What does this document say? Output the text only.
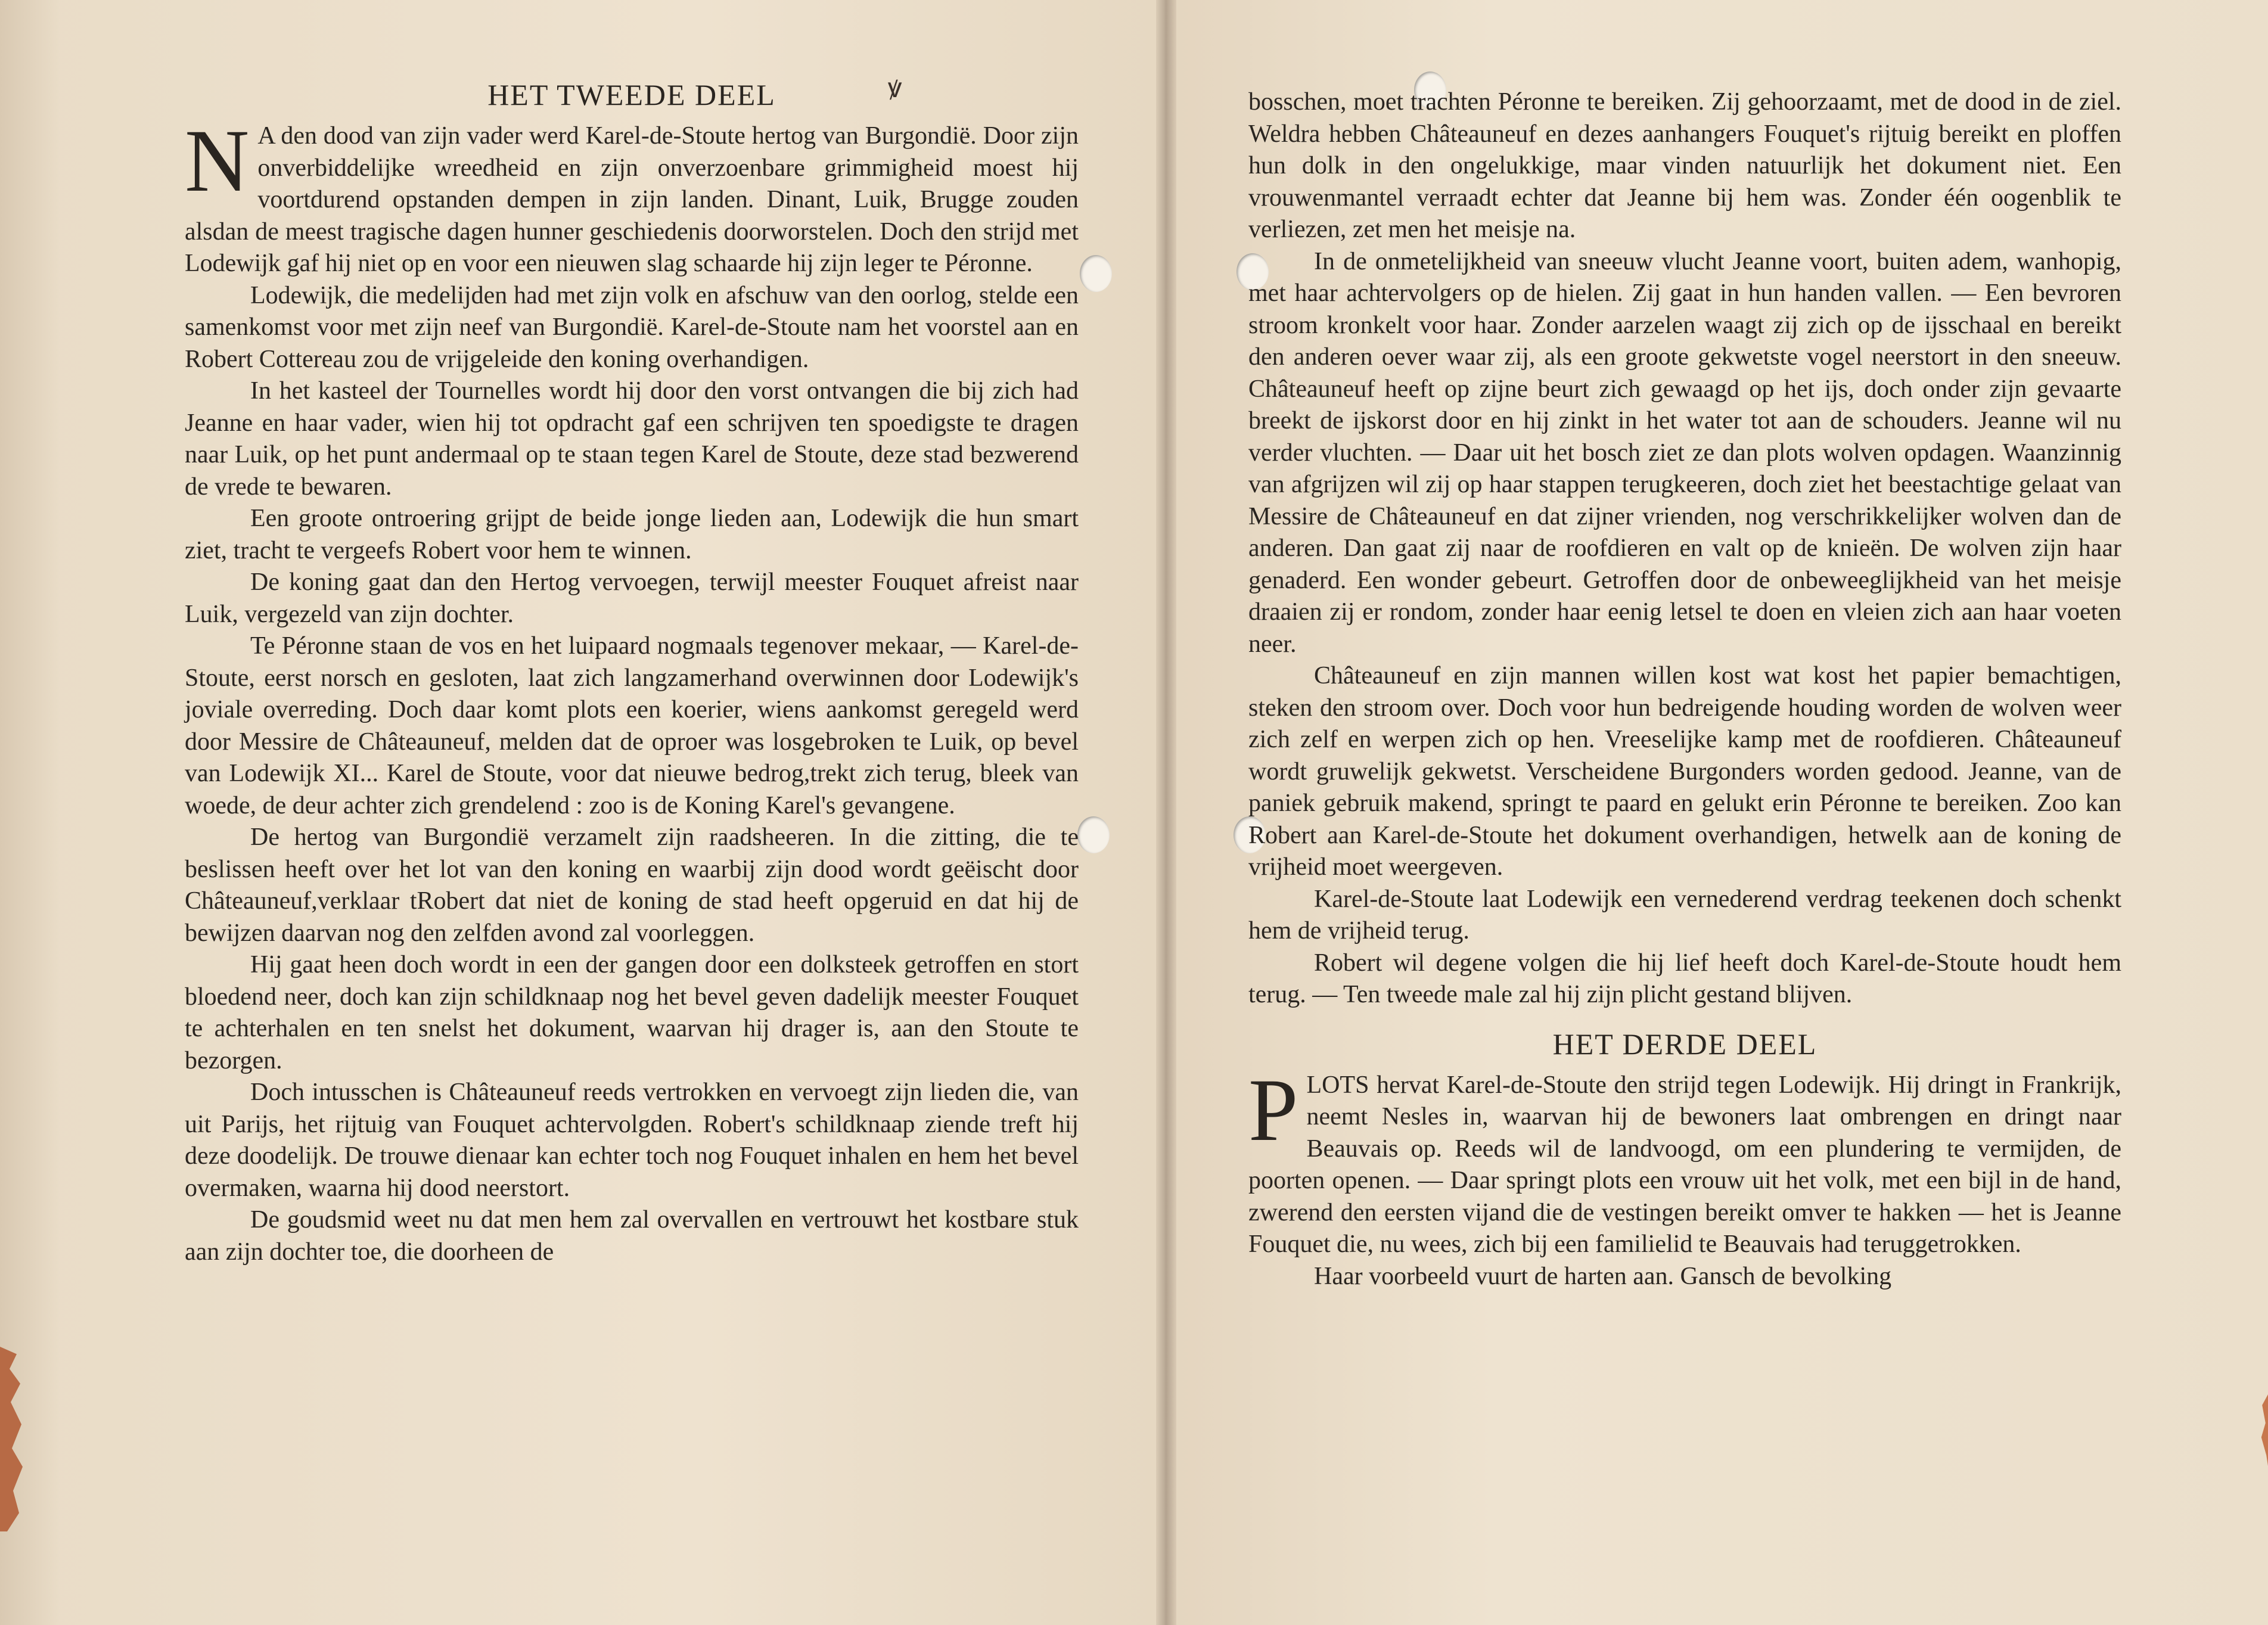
ꝟ
HET TWEEDE DEEL

N A den dood van zijn vader werd Karel-de-Stoute hertog van Burgondië. Door zijn onverbiddelijke wreedheid en zijn onverzoenbare grimmigheid moest hij voortdurend opstanden dempen in zijn landen. Dinant, Luik, Brugge zouden alsdan de meest tragische dagen hunner geschiedenis doorworstelen. Doch den strijd met Lodewijk gaf hij niet op en voor een nieuwen slag schaarde hij zijn leger te Péronne.

Lodewijk, die medelijden had met zijn volk en afschuw van den oorlog, stelde een samenkomst voor met zijn neef van Burgondië. Karel-de-Stoute nam het voorstel aan en Robert Cottereau zou de vrijgeleide den koning overhandigen.

In het kasteel der Tournelles wordt hij door den vorst ontvangen die bij zich had Jeanne en haar vader, wien hij tot opdracht gaf een schrijven ten spoedigste te dragen naar Luik, op het punt andermaal op te staan tegen Karel de Stoute, deze stad bezwerend de vrede te bewaren.

Een groote ontroering grijpt de beide jonge lieden aan, Lodewijk die hun smart ziet, tracht te vergeefs Robert voor hem te winnen.

De koning gaat dan den Hertog vervoegen, terwijl meester Fouquet afreist naar Luik, vergezeld van zijn dochter.

Te Péronne staan de vos en het luipaard nogmaals tegenover mekaar, — Karel-de-Stoute, eerst norsch en gesloten, laat zich langzamerhand overwinnen door Lodewijk's joviale overreding. Doch daar komt plots een koerier, wiens aankomst geregeld werd door Messire de Châteauneuf, melden dat de oproer was losgebroken te Luik, op bevel van Lodewijk XI... Karel de Stoute, voor dat nieuwe bedrog,trekt zich terug, bleek van woede, de deur achter zich grendelend : zoo is de Koning Karel's gevangene.

De hertog van Burgondië verzamelt zijn raadsheeren. In die zitting, die te beslissen heeft over het lot van den koning en waarbij zijn dood wordt geëischt door Châteauneuf,verklaar tRobert dat niet de koning de stad heeft opgeruid en dat hij de bewijzen daarvan nog den zelfden avond zal voorleggen.

Hij gaat heen doch wordt in een der gangen door een dolksteek getroffen en stort bloedend neer, doch kan zijn schildknaap nog het bevel geven dadelijk meester Fouquet te achterhalen en ten snelst het dokument, waarvan hij drager is, aan den Stoute te bezorgen.

Doch intusschen is Châteauneuf reeds vertrokken en vervoegt zijn lieden die, van uit Parijs, het rijtuig van Fouquet achtervolgden. Robert's schildknaap ziende treft hij deze doodelijk. De trouwe dienaar kan echter toch nog Fouquet inhalen en hem het bevel overmaken, waarna hij dood neerstort.

De goudsmid weet nu dat men hem zal overvallen en vertrouwt het kostbare stuk aan zijn dochter toe, die doorheen de

bosschen, moet trachten Péronne te bereiken. Zij gehoorzaamt, met de dood in de ziel. Weldra hebben Châteauneuf en dezes aanhangers Fouquet's rijtuig bereikt en ploffen hun dolk in den ongelukkige, maar vinden natuurlijk het dokument niet. Een vrouwenmantel verraadt echter dat Jeanne bij hem was. Zonder één oogenblik te verliezen, zet men het meisje na.

In de onmetelijkheid van sneeuw vlucht Jeanne voort, buiten adem, wanhopig, met haar achtervolgers op de hielen. Zij gaat in hun handen vallen. — Een bevroren stroom kronkelt voor haar. Zonder aarzelen waagt zij zich op de ijsschaal en bereikt den anderen oever waar zij, als een groote gekwetste vogel neerstort in den sneeuw. Châteauneuf heeft op zijne beurt zich gewaagd op het ijs, doch onder zijn gevaarte breekt de ijskorst door en hij zinkt in het water tot aan de schouders. Jeanne wil nu verder vluchten. — Daar uit het bosch ziet ze dan plots wolven opdagen. Waanzinnig van afgrijzen wil zij op haar stappen terugkeeren, doch ziet het beestachtige gelaat van Messire de Châteauneuf en dat zijner vrienden, nog verschrikkelijker wolven dan de anderen. Dan gaat zij naar de roofdieren en valt op de knieën. De wolven zijn haar genaderd. Een wonder gebeurt. Getroffen door de onbeweeglijkheid van het meisje draaien zij er rondom, zonder haar eenig letsel te doen en vleien zich aan haar voeten neer.

Châteauneuf en zijn mannen willen kost wat kost het papier bemachtigen, steken den stroom over. Doch voor hun bedreigende houding worden de wolven weer zich zelf en werpen zich op hen. Vreeselijke kamp met de roofdieren. Châteauneuf wordt gruwelijk gekwetst. Verscheidene Burgonders worden gedood. Jeanne, van de paniek gebruik makend, springt te paard en gelukt erin Péronne te bereiken. Zoo kan Robert aan Karel-de-Stoute het dokument overhandigen, hetwelk aan de koning de vrijheid moet weergeven.

Karel-de-Stoute laat Lodewijk een vernederend verdrag teekenen doch schenkt hem de vrijheid terug.

Robert wil degene volgen die hij lief heeft doch Karel-de-Stoute houdt hem terug. — Ten tweede male zal hij zijn plicht gestand blijven.

HET DERDE DEEL

PLOTS hervat Karel-de-Stoute den strijd tegen Lodewijk. Hij dringt in Frankrijk, neemt Nesles in, waarvan hij de bewoners laat ombrengen en dringt naar Beauvais op. Reeds wil de landvoogd, om een plundering te vermijden, de poorten openen. — Daar springt plots een vrouw uit het volk, met een bijl in de hand, zwerend den eersten vijand die de vestingen bereikt omver te hakken — het is Jeanne Fouquet die, nu wees, zich bij een familielid te Beauvais had teruggetrokken.

Haar voorbeeld vuurt de harten aan. Gansch de bevolking
